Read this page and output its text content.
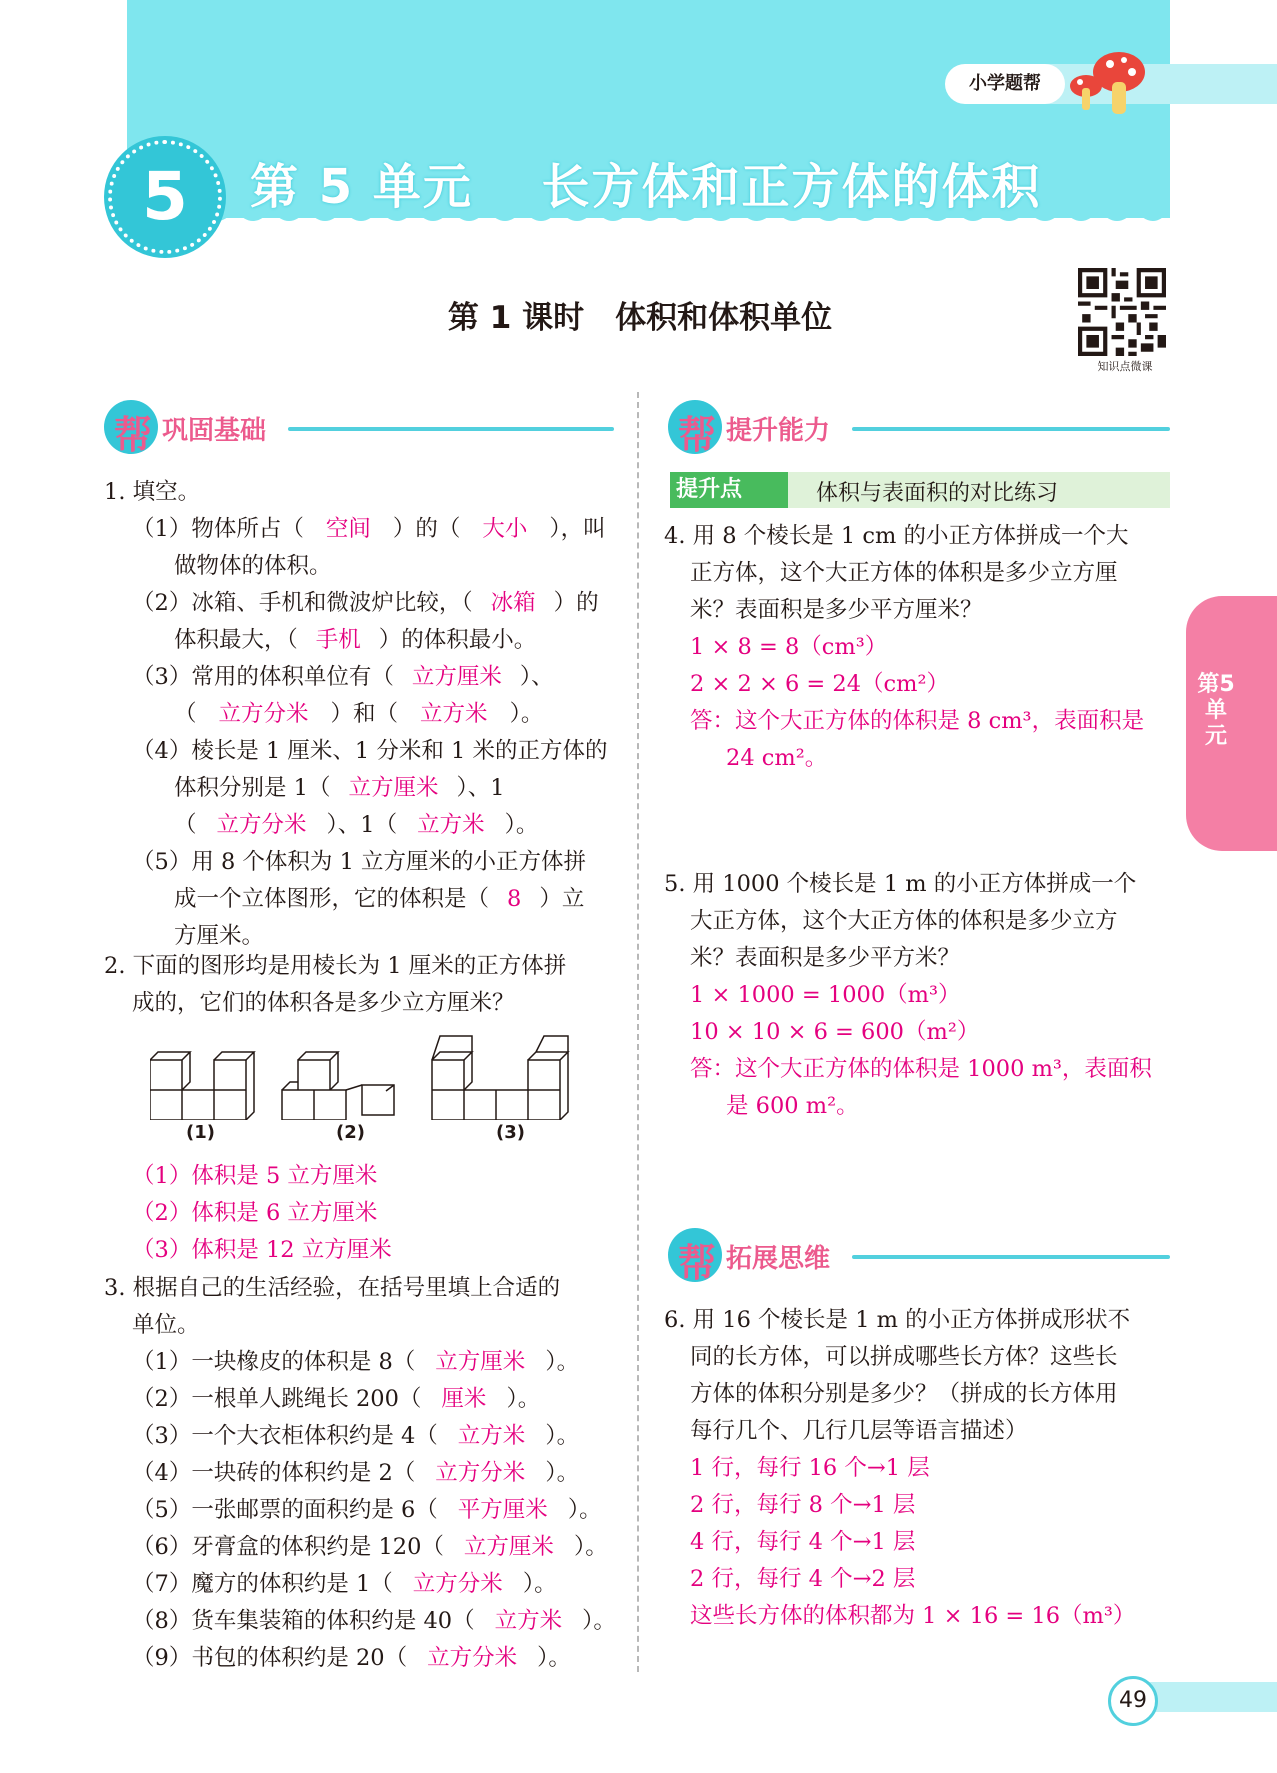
小学题帮
5	第 5 单元　 长方体和正方体的体积
第 1 课时　体积和体积单位
知识点微课
帮 巩固基础
1. 填空。
（1）物体所占（ 空间 ）的（ 大小 ），叫
做物体的体积。
（2）冰箱、手机和微波炉比较，（ 冰箱 ）的
体积最大，（ 手机 ）的体积最小。
（3）常用的体积单位有（ 立方厘米 ）、
（ 立方分米 ）和（ 立方米 ）。
（4）棱长是 1 厘米、1 分米和 1 米的正方体的
体积分别是 1（ 立方厘米 ）、1
（ 立方分米 ）、1（ 立方米 ）。
（5）用 8 个体积为 1 立方厘米的小正方体拼
成一个立体图形，它的体积是（ 8 ）立
方厘米。
2. 下面的图形均是用棱长为 1 厘米的正方体拼
成的，它们的体积各是多少立方厘米？
(1)	(2)	(3)
（1）体积是 5 立方厘米
（2）体积是 6 立方厘米
（3）体积是 12 立方厘米
3. 根据自己的生活经验，在括号里填上合适的
单位。
（1）一块橡皮的体积是 8（ 立方厘米 ）。
（2）一根单人跳绳长 200（ 厘米 ）。
（3）一个大衣柜体积约是 4（ 立方米 ）。
（4）一块砖的体积约是 2（ 立方分米 ）。
（5）一张邮票的面积约是 6（ 平方厘米 ）。
（6）牙膏盒的体积约是 120（ 立方厘米 ）。
（7）魔方的体积约是 1（ 立方分米 ）。
（8）货车集装箱的体积约是 40（ 立方米 ）。
（9）书包的体积约是 20（ 立方分米 ）。
帮 提升能力
提升点	体积与表面积的对比练习
4. 用 8 个棱长是 1 cm 的小正方体拼成一个大
正方体，这个大正方体的体积是多少立方厘
米？表面积是多少平方厘米？
1 × 8 = 8（cm³）
2 × 2 × 6 = 24（cm²）
答：这个大正方体的体积是 8 cm³，表面积是
24 cm²。
5. 用 1000 个棱长是 1 m 的小正方体拼成一个
大正方体，这个大正方体的体积是多少立方
米？表面积是多少平方米？
1 × 1000 = 1000（m³）
10 × 10 × 6 = 600（m²）
答：这个大正方体的体积是 1000 m³，表面积
是 600 m²。
帮 拓展思维
6. 用 16 个棱长是 1 m 的小正方体拼成形状不
同的长方体，可以拼成哪些长方体？这些长
方体的体积分别是多少？（拼成的长方体用
每行几个、几行几层等语言描述）
1 行，每行 16 个→1 层
2 行，每行 8 个→1 层
4 行，每行 4 个→1 层
2 行，每行 4 个→2 层
这些长方体的体积都为 1 × 16 = 16（m³）
第5单元
49
